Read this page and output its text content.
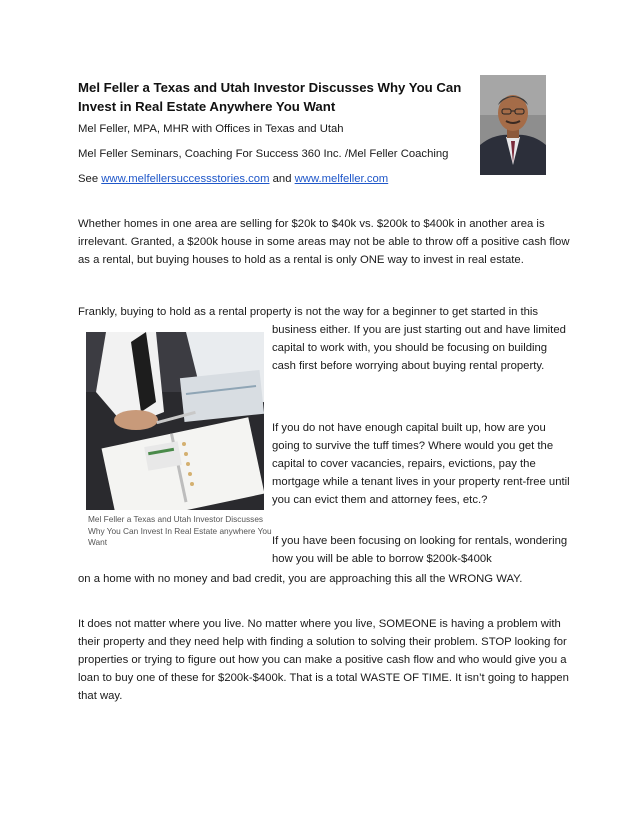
Mel Feller a Texas and Utah Investor Discusses Why You Can Invest in Real Estate Anywhere You Want
Mel Feller, MPA, MHR with Offices in Texas and Utah
Mel Feller Seminars, Coaching For Success 360 Inc. /Mel Feller Coaching
See www.melfellersuccessstories.com and www.melfeller.com
Whether homes in one area are selling for $20k to $40k vs. $200k to $400k in another area is irrelevant. Granted, a $200k house in some areas may not be able to throw off a positive cash flow as a rental, but buying houses to hold as a rental is only ONE way to invest in real estate.
Frankly, buying to hold as a rental property is not the way for a beginner to get started in this
business either. If you are just starting out and have limited capital to work with, you should be focusing on building cash first before worrying about buying rental property.
If you do not have enough capital built up, how are you going to survive the tuff times? Where would you get the capital to cover vacancies, repairs, evictions, pay the mortgage while a tenant lives in your property rent-free until you can evict them and attorney fees, etc.?
Mel Feller a Texas and Utah Investor Discusses Why You Can Invest In Real Estate anywhere You Want	If you have been focusing on looking for rentals, wondering how you will be able to borrow $200k-$400k
on a home with no money and bad credit, you are approaching this all the WRONG WAY.
It does not matter where you live. No matter where you live, SOMEONE is having a problem with their property and they need help with finding a solution to solving their problem. STOP looking for properties or trying to figure out how you can make a positive cash flow and who would give you a loan to buy one of these for $200k-$400k. That is a total WASTE OF TIME. It isn’t going to happen that way.
